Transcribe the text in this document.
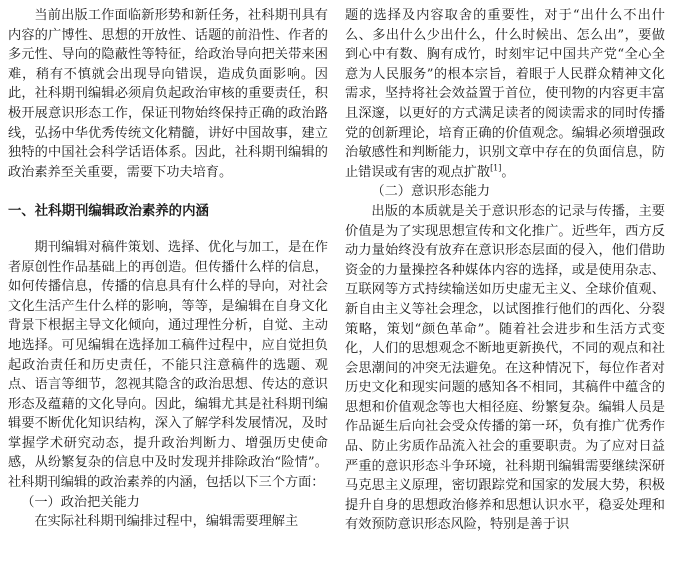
当前出版工作面临新形势和新任务，社科期刊具有内容的广博性、思想的开放性、话题的前沿性、作者的多元性、导向的隐蔽性等特征，给政治导向把关带来困难，稍有不慎就会出现导向错误，造成负面影响。因此，社科期刊编辑必须肩负起政治审核的重要责任，积极开展意识形态工作，保证刊物始终保持正确的政治路线，弘扬中华优秀传统文化精髓，讲好中国故事，建立独特的中国社会科学话语体系。因此，社科期刊编辑的政治素养至关重要，需要下功夫培育。

一、社科期刊编辑政治素养的内涵

期刊编辑对稿件策划、选择、优化与加工，是在作者原创性作品基础上的再创造。但传播什么样的信息，如何传播信息，传播的信息具有什么样的导向，对社会文化生活产生什么样的影响，等等，是编辑在自身文化背景下根据主导文化倾向，通过理性分析，自觉、主动地选择。可见编辑在选择加工稿件过程中，应自觉担负起政治责任和历史责任，不能只注意稿件的选题、观点、语言等细节，忽视其隐含的政治思想、传达的意识形态及蕴藉的文化导向。因此，编辑尤其是社科期刊编辑要不断优化知识结构，深入了解学科发展情况，及时掌握学术研究动态，提升政治判断力、增强历史使命感，从纷繁复杂的信息中及时发现并排除政治“险情”。社科期刊编辑的政治素养的内涵，包括以下三个方面：

（一）政治把关能力

在实际社科期刊编排过程中，编辑需要理解主

题的选择及内容取舍的重要性，对于“出什么不出什么、多出什么少出什么，什么时候出、怎么出”，要做到心中有数、胸有成竹，时刻牢记中国共产党“全心全意为人民服务”的根本宗旨，着眼于人民群众精神文化需求，坚持将社会效益置于首位，使刊物的内容更丰富且深邃，以更好的方式满足读者的阅读需求的同时传播党的创新理论，培育正确的价值观念。编辑必须增强政治敏感性和判断能力，识别文章中存在的负面信息，防止错误或有害的观点扩散[1]。

（二）意识形态能力

出版的本质就是关于意识形态的记录与传播，主要价值是为了实现思想宣传和文化推广。近些年，西方反动力量始终没有放弃在意识形态层面的侵入，他们借助资金的力量操控各种媒体内容的选择，或是使用杂志、互联网等方式持续输送如历史虚无主义、全球价值观、新自由主义等社会理念，以试图推行他们的西化、分裂策略，策划“颜色革命”。随着社会进步和生活方式变化，人们的思想观念不断地更新换代，不同的观点和社会思潮间的冲突无法避免。在这种情况下，每位作者对历史文化和现实问题的感知各不相同，其稿件中蕴含的思想和价值观念等也大相径庭、纷繁复杂。编辑人员是作品诞生后向社会受众传播的第一环，负有推广优秀作品、防止劣质作品流入社会的重要职责。为了应对日益严重的意识形态斗争环境，社科期刊编辑需要继续深研马克思主义原理，密切跟踪党和国家的发展大势，积极提升自身的思想政治修养和思想认识水平，稳妥处理和有效预防意识形态风险，特别是善于识
